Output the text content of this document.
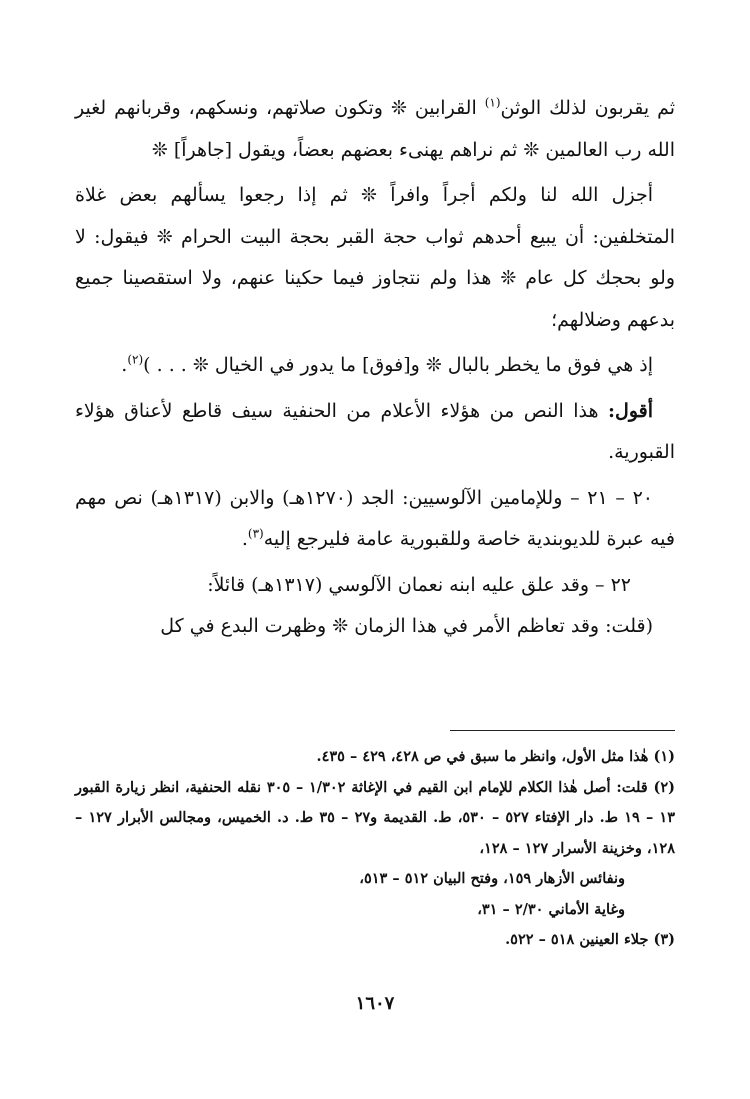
ثم يقربون لذلك الوثن$^{(١)}$ القرابين ❊ وتكون صلاتهم، ونسكهم، وقربانهم لغير الله رب العالمين ❊ ثم نراهم يهنىء بعضهم بعضاً، ويقول [جاهراً] ❊

أجزل الله لنا ولكم أجراً وافراً ❊ ثم إذا رجعوا يسألهم بعض غلاة المتخلفين: أن يبيع أحدهم ثواب حجة القبر بحجة البيت الحرام ❊ فيقول: لا ولو بحجك كل عام ❊ هذا ولم نتجاوز فيما حكينا عنهم، ولا استقصينا جميع بدعهم وضلالهم؛

إذ هي فوق ما يخطر بالبال ❊ و[فوق] ما يدور في الخيال ❊ . . . )$^{(٢)}$.

أقول: هذا النص من هؤلاء الأعلام من الحنفية سيف قاطع لأعناق هؤلاء القبورية.

٢٠ – ٢١ – وللإمامين الآلوسيين: الجد (١٢٧٠هـ) والابن (١٣١٧هـ) نص مهم فيه عبرة للديوبندية خاصة وللقبورية عامة فليرجع إليه$^{(٣)}$.

٢٢ – وقد علق عليه ابنه نعمان الآلوسي (١٣١٧هـ) قائلاً:

(قلت: وقد تعاظم الأمر في هذا الزمان ❊ وظهرت البدع في كل

(١) هٰذا مثل الأول، وانظر ما سبق في ص ٤٢٨، ٤٢٩ – ٤٣٥.

(٢) قلت: أصل هٰذا الكلام للإمام ابن القيم في الإغاثة ١/٣٠٢ – ٣٠٥ نقله الحنفية، انظر زيارة القبور ١٣ – ١٩ ط. دار الإفتاء ٥٢٧ – ٥٣٠، ط. القديمة و٢٧ – ٣٥ ط. د. الخميس، ومجالس الأبرار ١٢٧ – ١٢٨، وخزينة الأسرار ١٢٧ – ١٢٨،

ونفائس الأزهار ١٥٩، وفتح البيان ٥١٢ – ٥١٣،

وغاية الأماني ٢/٣٠ – ٣١،

(٣) جلاء العينين ٥١٨ – ٥٢٢.

١٦٠٧
